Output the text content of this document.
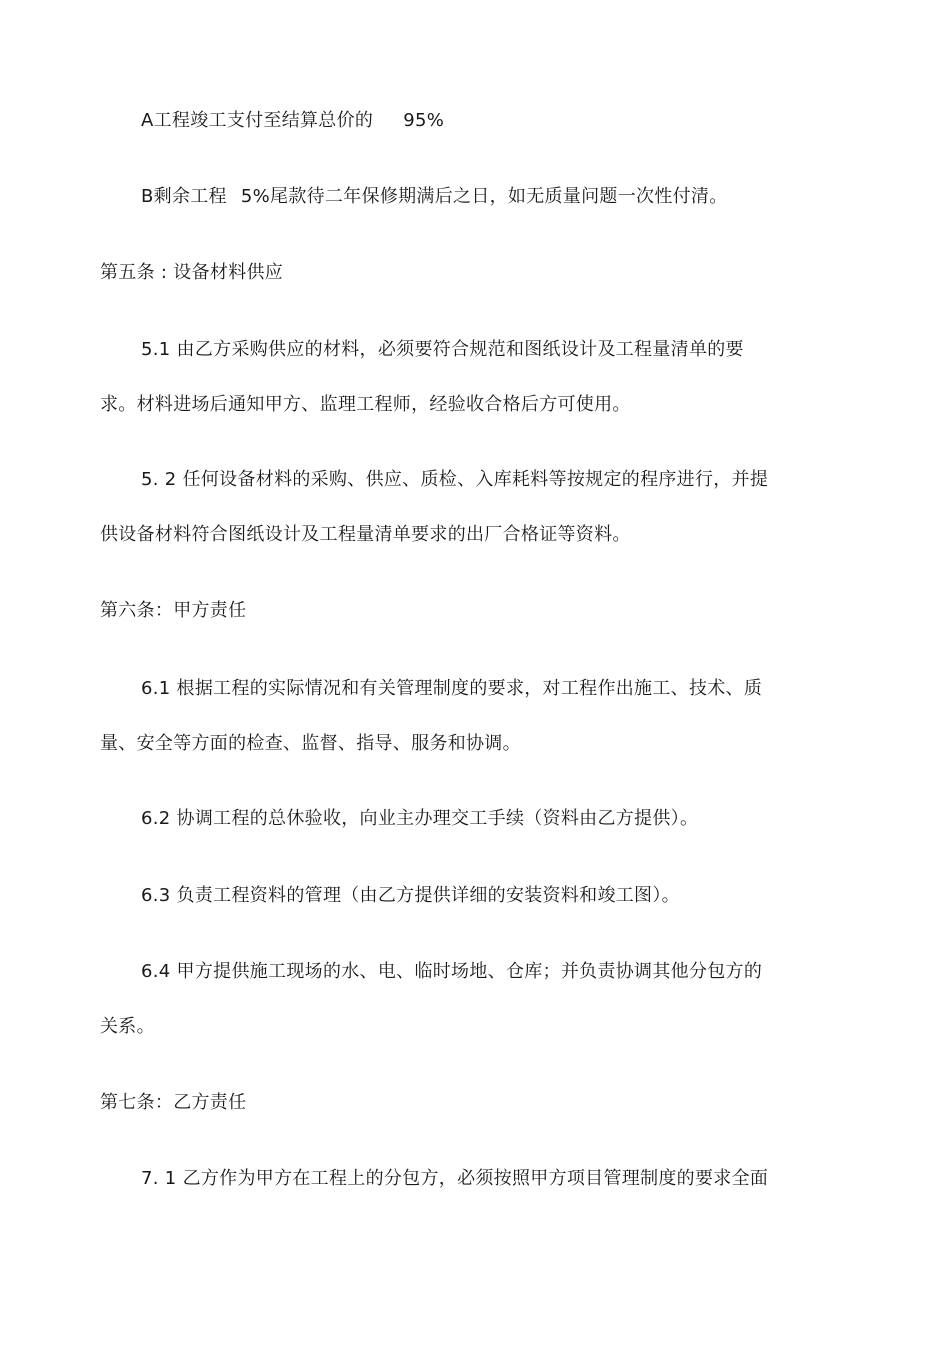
A工程竣工支付至结算总价的 95%
B剩余工程 5%尾款待二年保修期满后之日，如无质量问题一次性付清。
第五条 : 设备材料供应
5.1 由乙方采购供应的材料，必须要符合规范和图纸设计及工程量清单的要
求。材料进场后通知甲方、监理工程师，经验收合格后方可使用。
5. 2 任何设备材料的采购、供应、质检、入库耗料等按规定的程序进行，并提
供设备材料符合图纸设计及工程量清单要求的出厂合格证等资料。
第六条：甲方责任
6.1 根据工程的实际情况和有关管理制度的要求，对工程作出施工、技术、质
量、安全等方面的检查、监督、指导、服务和协调。
6.2 协调工程的总休验收，向业主办理交工手续（资料由乙方提供）。
6.3 负责工程资料的管理（由乙方提供详细的安装资料和竣工图）。
6.4 甲方提供施工现场的水、电、临时场地、仓库；并负责协调其他分包方的
关系。
第七条：乙方责任
7. 1 乙方作为甲方在工程上的分包方，必须按照甲方项目管理制度的要求全面
